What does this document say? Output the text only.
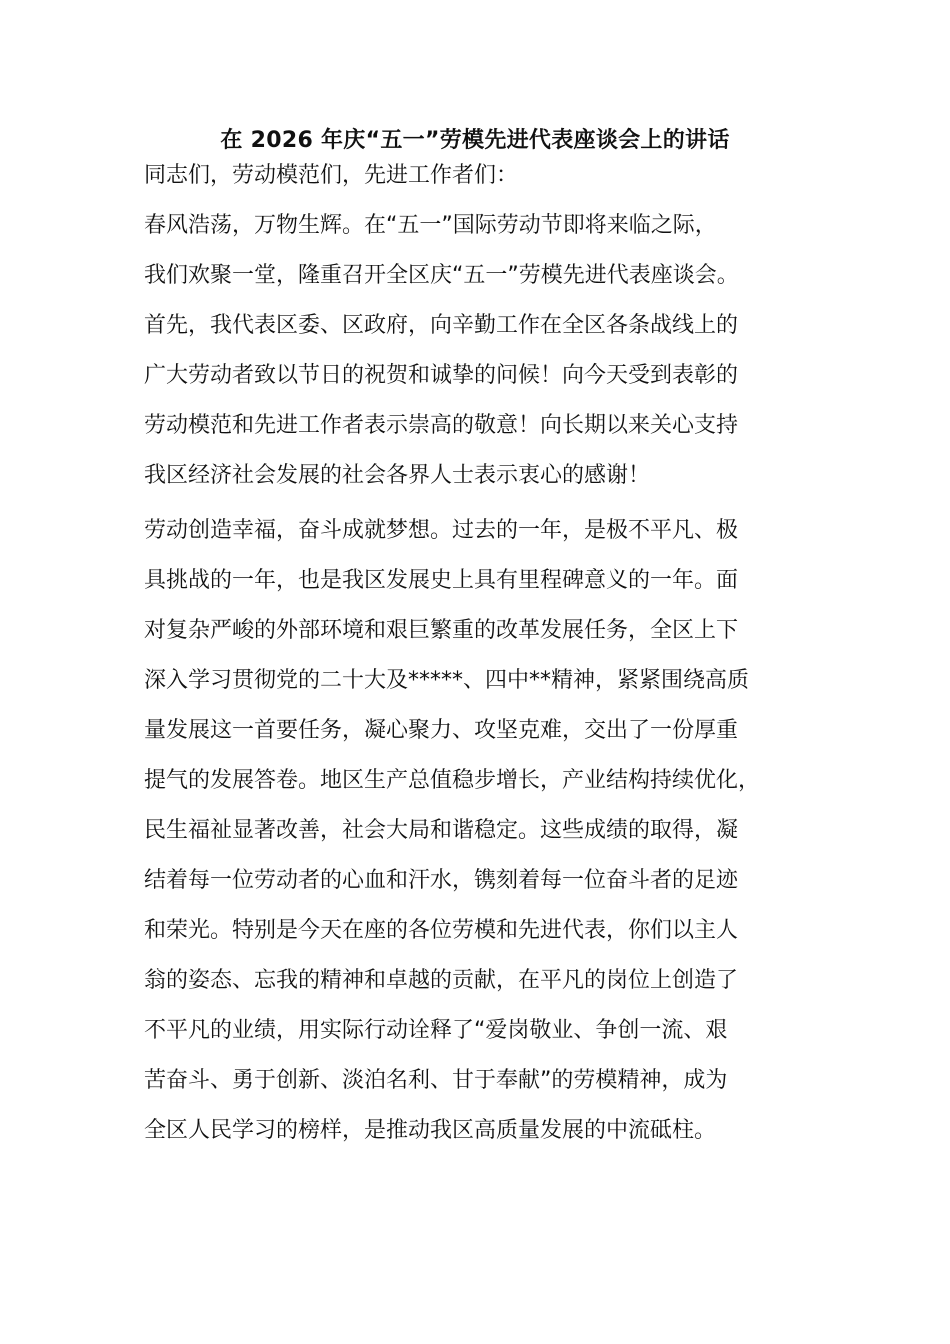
在 2026 年庆“五一”劳模先进代表座谈会上的讲话

同志们，劳动模范们，先进工作者们：

春风浩荡，万物生辉。在“五一”国际劳动节即将来临之际，
我们欢聚一堂，隆重召开全区庆“五一”劳模先进代表座谈会。
首先，我代表区委、区政府，向辛勤工作在全区各条战线上的
广大劳动者致以节日的祝贺和诚挚的问候！向今天受到表彰的
劳动模范和先进工作者表示崇高的敬意！向长期以来关心支持
我区经济社会发展的社会各界人士表示衷心的感谢！

劳动创造幸福，奋斗成就梦想。过去的一年，是极不平凡、极
具挑战的一年，也是我区发展史上具有里程碑意义的一年。面
对复杂严峻的外部环境和艰巨繁重的改革发展任务，全区上下
深入学习贯彻党的二十大及*****、四中**精神，紧紧围绕高质
量发展这一首要任务，凝心聚力、攻坚克难，交出了一份厚重
提气的发展答卷。地区生产总值稳步增长，产业结构持续优化，
民生福祉显著改善，社会大局和谐稳定。这些成绩的取得，凝
结着每一位劳动者的心血和汗水，镌刻着每一位奋斗者的足迹
和荣光。特别是今天在座的各位劳模和先进代表，你们以主人
翁的姿态、忘我的精神和卓越的贡献，在平凡的岗位上创造了
不平凡的业绩，用实际行动诠释了“爱岗敬业、争创一流、艰
苦奋斗、勇于创新、淡泊名利、甘于奉献”的劳模精神，成为
全区人民学习的榜样，是推动我区高质量发展的中流砥柱。
